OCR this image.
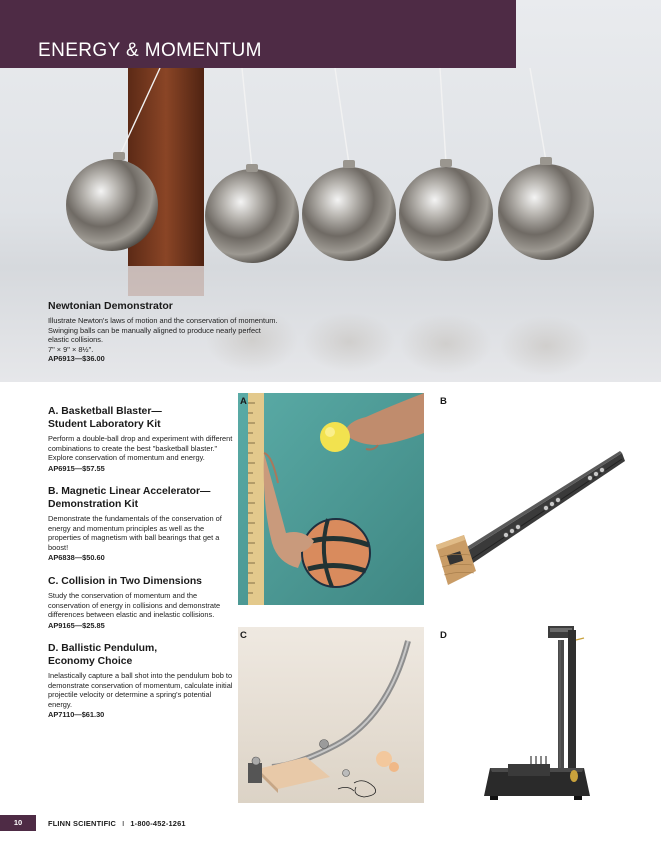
ENERGY & MOMENTUM
Newtonian Demonstrator

Illustrate Newton's laws of motion and the conservation of momentum. Swinging balls can be manually aligned to produce nearly perfect elastic collisions.

7" × 9" × 8½".

AP6913—$36.00

A. Basketball Blaster—
Student Laboratory Kit

Perform a double-ball drop and experiment with different combinations to create the best "basketball blaster." Explore conservation of momentum and energy.

AP6915—$57.55

B. Magnetic Linear Accelerator—
Demonstration Kit

Demonstrate the fundamentals of the conservation of energy and momentum principles as well as the properties of magnetism with ball bearings that get a boost!

AP6838—$50.60

C. Collision in Two Dimensions

Study the conservation of momentum and the conservation of energy in collisions and demonstrate differences between elastic and inelastic collisions.

AP9165—$25.85

D. Ballistic Pendulum,
Economy Choice

Inelastically capture a ball shot into the pendulum bob to demonstrate conservation of momentum, calculate initial projectile velocity or determine a spring's potential energy.

AP7110—$61.30

A	B
C	D
10	FLINN SCIENTIFIC I 1-800-452-1261
